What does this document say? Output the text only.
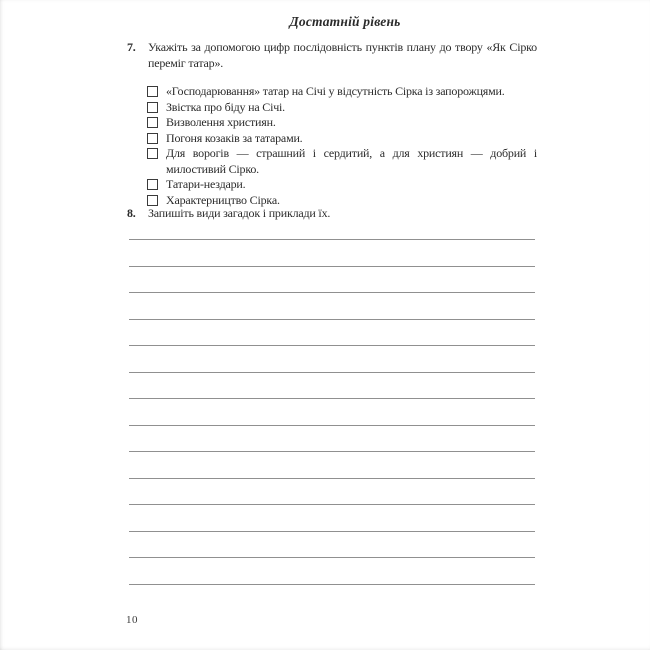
Достатній рівень
7. Укажіть за допомогою цифр послідовність пунктів плану до твору «Як Сірко переміг татар».
«Господарювання» татар на Січі у відсутність Сірка із запорожцями.
Звістка про біду на Січі.
Визволення християн.
Погоня козаків за татарами.
Для ворогів — страшний і сердитий, а для християн — добрий і милостивий Сірко.
Татари-нездари.
Характерництво Сірка.
8. Запишіть види загадок і приклади їх.
10
